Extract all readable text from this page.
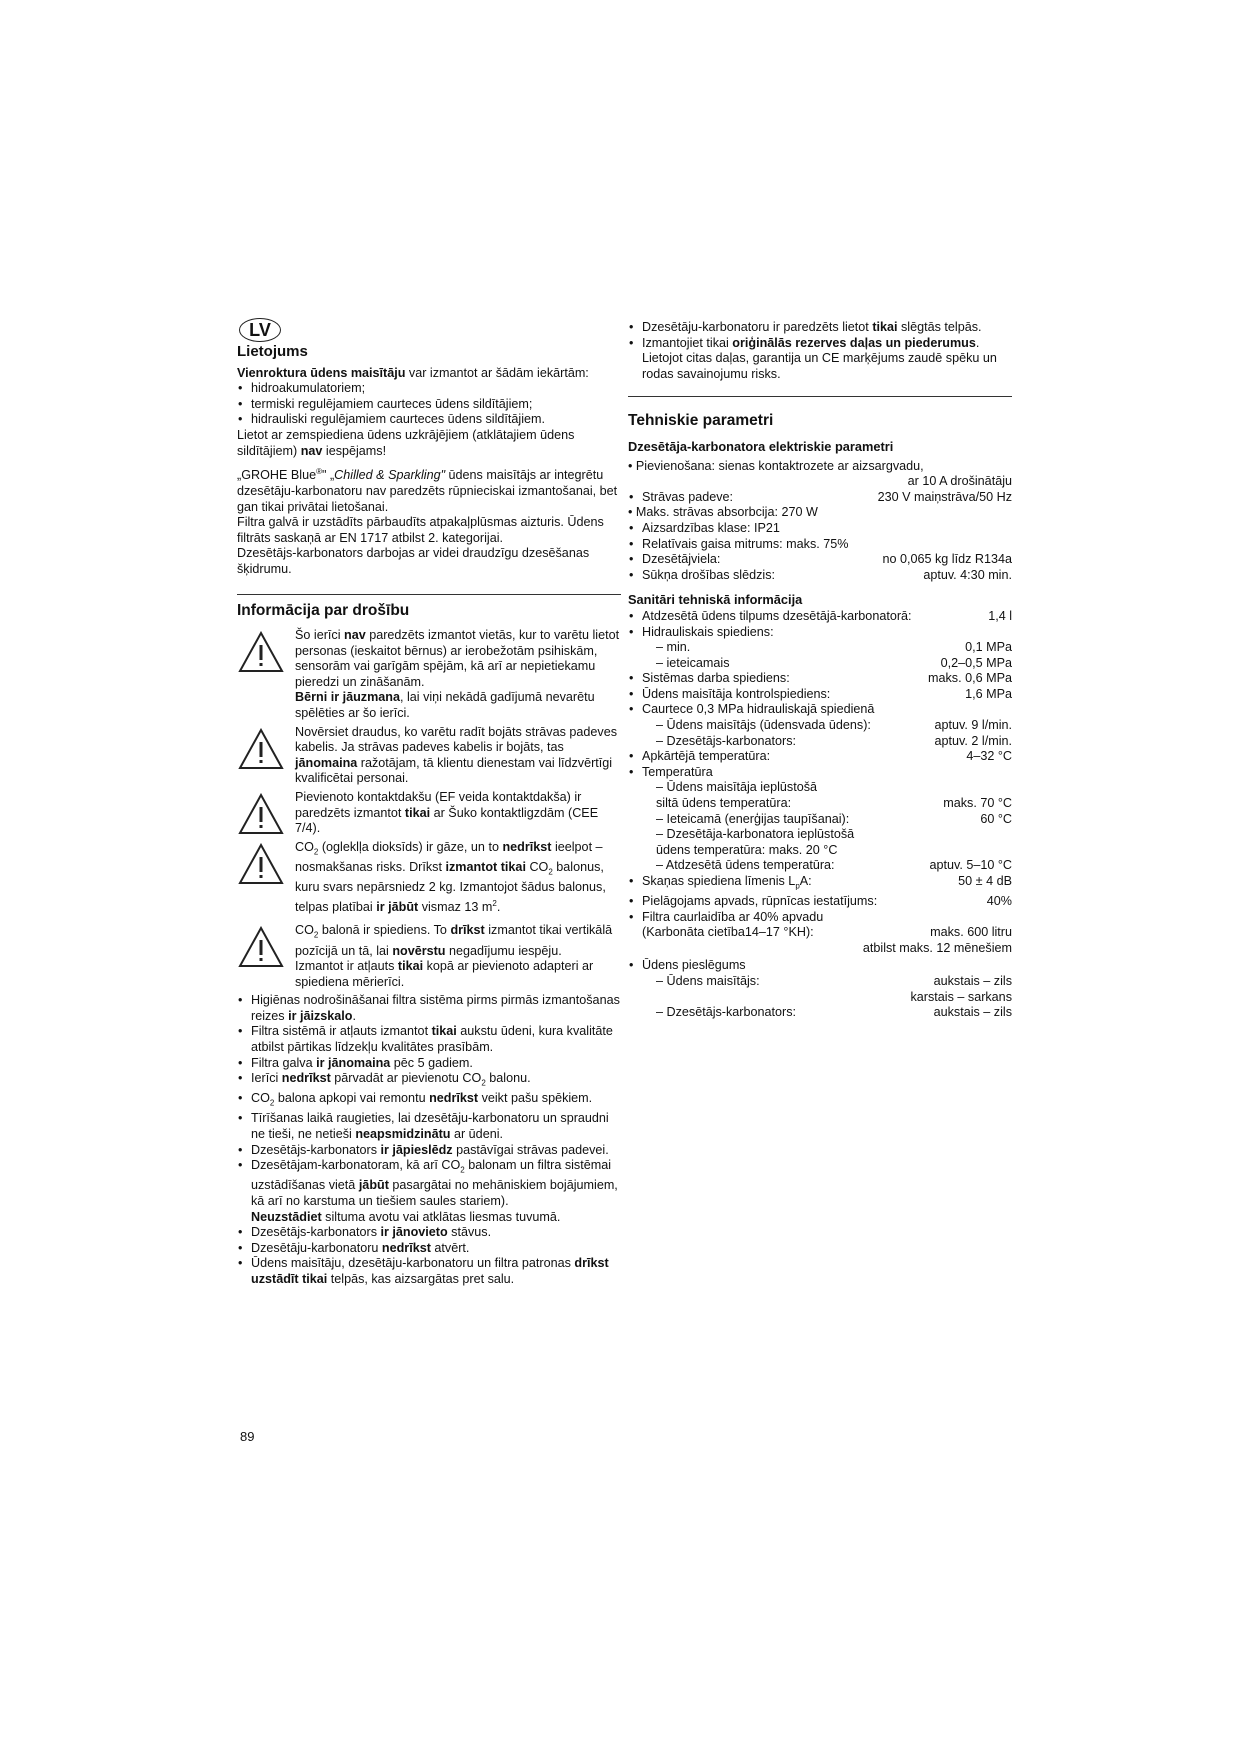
LV
Lietojums

Vienroktura ūdens maisītāju var izmantot ar šādām iekārtām:

• hidroakumulatoriem;
• termiski regulējamiem caurteces ūdens sildītājiem;
• hidrauliski regulējamiem caurteces ūdens sildītājiem.

Lietot ar zemspiediena ūdens uzkrājējiem (atklātajiem ūdens sildītājiem) nav iespējams!

„GROHE Blue®" „Chilled & Sparkling" ūdens maisītājs ar integrētu dzesētāju-karbonatoru nav paredzēts rūpnieciskai izmantošanai, bet gan tikai privātai lietošanai.

Filtra galvā ir uzstādīts pārbaudīts atpakaļplūsmas aizturis. Ūdens filtrāts saskaņā ar EN 1717 atbilst 2. kategorijai.

Dzesētājs-karbonators darbojas ar videi draudzīgu dzesēšanas šķidrumu.

Informācija par drošību

Šo ierīci nav paredzēts izmantot vietās, kur to varētu lietot personas (ieskaitot bērnus) ar ierobežotām psihiskām, sensorām vai garīgām spējām, kā arī ar nepietiekamu pieredzi un zināšanām.

Bērni ir jāuzmana, lai viņi nekādā gadījumā nevarētu spēlēties ar šo ierīci.

Novērsiet draudus, ko varētu radīt bojāts strāvas padeves kabelis. Ja strāvas padeves kabelis ir bojāts, tas jānomaina ražotājam, tā klientu dienestam vai līdzvērtīgi kvalificētai personai.

Pievienoto kontaktdakšu (EF veida kontaktdakša) ir paredzēts izmantot tikai ar Šuko kontaktligzdām (CEE 7/4).

$CO_2$ (ogleklļa dioksīds) ir gāze, un to nedrīkst ieelpot – nosmakšanas risks. Drīkst izmantot tikai $CO_2$ balonus, kuru svars nepārsniedz 2 kg. Izmantojot šādus balonus, telpas platībai ir jābūt vismaz 13 $m^2$.

$CO_2$ balonā ir spiediens. To drīkst izmantot tikai vertikālā pozīcijā un tā, lai novērstu negadījumu iespēju.

Izmantot ir atļauts tikai kopā ar pievienoto adapteri ar spiediena mērierīci.

• Higiēnas nodrošināšanai filtra sistēma pirms pirmās izmantošanas reizes ir jāizskalo.
• Filtra sistēmā ir atļauts izmantot tikai aukstu ūdeni, kura kvalitāte atbilst pārtikas līdzekļu kvalitātes prasībām.
• Filtra galva ir jānomaina pēc 5 gadiem.
• Ierīci nedrīkst pārvadāt ar pievienotu $CO_2$ balonu.
• $CO_2$ balona apkopi vai remontu nedrīkst veikt pašu spēkiem.
• Tīrīšanas laikā raugieties, lai dzesētāju-karbonatoru un spraudni ne tieši, ne netieši neapsmidzinātu ar ūdeni.
• Dzesētājs-karbonators ir jāpieslēdz pastāvīgai strāvas padevei.
• Dzesētājam-karbonatoram, kā arī $CO_2$ balonam un filtra sistēmai uzstādīšanas vietā jābūt pasargātai no mehāniskiem bojājumiem, kā arī no karstuma un tiešiem saules stariem).
Neuzstādiet siltuma avotu vai atklātas liesmas tuvumā.
• Dzesētājs-karbonators ir jānovieto stāvus.
• Dzesētāju-karbonatoru nedrīkst atvērt.
• Ūdens maisītāju, dzesētāju-karbonatoru un filtra patronas drīkst uzstādīt tikai telpās, kas aizsargātas pret salu.
• Dzesētāju-karbonatoru ir paredzēts lietot tikai slēgtās telpās.
• Izmantojiet tikai oriģinālās rezerves daļas un piederumus. Lietojot citas daļas, garantija un CE marķējums zaudē spēku un rodas savainojumu risks.
Tehniskie parametri
Dzesētāja-karbonatora elektriskie parametri

• Pievienošana: sienas kontaktrozete ar aizsargvadu,

ar 10 A drošinātāju

• Strāvas padeve:	230 V maiņstrāva/50 Hz

• Maks. strāvas absorbcija: 270 W

• Aizsardzības klase: IP21
• Relatīvais gaisa mitrums: maks. 75%
• Dzesētājviela:	no 0,065 kg līdz R134a
• Sūkņa drošības slēdzis:	aptuv. 4:30 min.
Sanitāri tehniskā informācija
• Atdzesētā ūdens tilpums dzesētājā-karbonatorā:	1,4 l
• Hidrauliskais spiediens:
– min.	0,1 MPa
– ieteicamais	0,2–0,5 MPa
• Sistēmas darba spiediens:	maks. 0,6 MPa
• Ūdens maisītāja kontrolspiediens:	1,6 MPa
• Caurtece 0,3 MPa hidrauliskajā spiedienā
– Ūdens maisītājs (ūdensvada ūdens):	aptuv. 9 l/min.
– Dzesētājs-karbonators:	aptuv. 2 l/min.
• Apkārtējā temperatūra:	4–32 °C
• Temperatūra
– Ūdens maisītāja ieplūstošā
siltā ūdens temperatūra:	maks. 70 °C
– Ieteicamā (enerģijas taupīšanai):	60 °C
– Dzesētāja-karbonatora ieplūstošā
ūdens temperatūra: maks. 20 °C
– Atdzesētā ūdens temperatūra:	aptuv. 5–10 °C
• Skaņas spiediena līmenis $L_pA$:	50 ± 4 dB
• Pielāgojams apvads, rūpnīcas iestatījums:	40%
• Filtra caurlaidība ar 40% apvadu
(Karbonāta cietība14–17 °KH):	maks. 600 litru
atbilst maks. 12 mēnešiem
• Ūdens pieslēgums
– Ūdens maisītājs:	aukstais – zils
karstais – sarkans
– Dzesētājs-karbonators:	aukstais – zils
89
